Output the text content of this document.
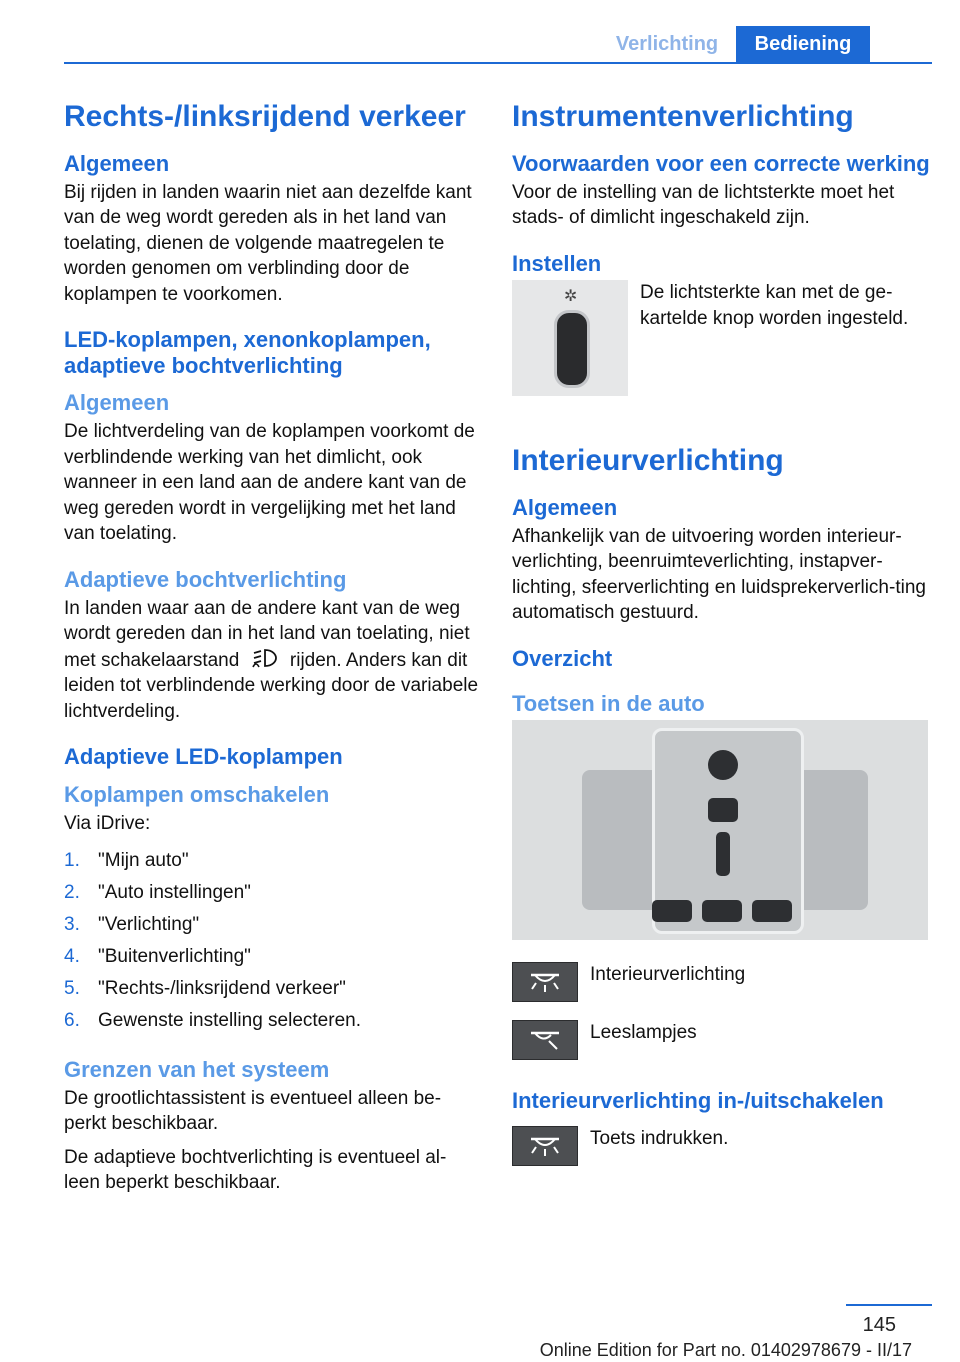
Verlichting	Bediening
Rechts-/linksrijdend verkeer
Algemeen
Bij rijden in landen waarin niet aan dezelfde kant van de weg wordt gereden als in het land van toelating, dienen de volgende maatregelen te worden genomen om verblinding door de koplampen te voorkomen.
LED-koplampen, xenonkoplampen, adaptieve bochtverlichting
Algemeen
De lichtverdeling van de koplampen voorkomt de verblindende werking van het dimlicht, ook wanneer in een land aan de andere kant van de weg gereden wordt in vergelijking met het land van toelating.
Adaptieve bochtverlichting
In landen waar aan de andere kant van de weg wordt gereden dan in het land van toelating, niet met schakelaarstand	rijden. Anders kan dit leiden tot verblindende werking door de variabele lichtverdeling.
Adaptieve LED-koplampen
Koplampen omschakelen
Via iDrive:
1. "Mijn auto"
2. "Auto instellingen"
3. "Verlichting"
4. "Buitenverlichting"
5. "Rechts-/linksrijdend verkeer"
6. Gewenste instelling selecteren.
Grenzen van het systeem
De grootlichtassistent is eventueel alleen be-perkt beschikbaar.
De adaptieve bochtverlichting is eventueel al-leen beperkt beschikbaar.
Instrumentenverlichting
Voorwaarden voor een correcte werking
Voor de instelling van de lichtsterkte moet het stads- of dimlicht ingeschakeld zijn.
Instellen
✲	De lichtsterkte kan met de ge-kartelde knop worden ingesteld.
Interieurverlichting
Algemeen
Afhankelijk van de uitvoering worden interieur-verlichting, beenruimteverlichting, instapver-lichting, sfeerverlichting en luidsprekerverlich-ting automatisch gestuurd.
Overzicht
Toetsen in de auto
Interieurverlichting
Leeslampjes
Interieurverlichting in-/uitschakelen
Toets indrukken.
145
Online Edition for Part no. 01402978679 - II/17
